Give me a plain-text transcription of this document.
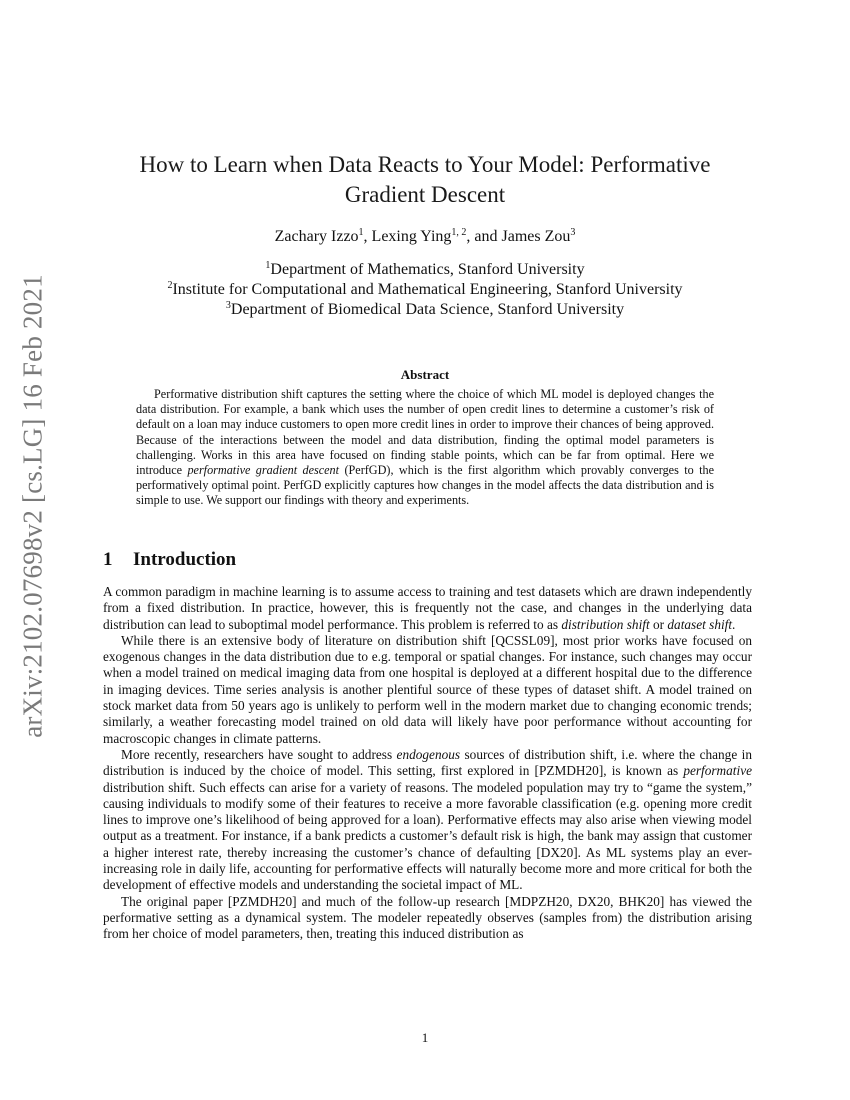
arXiv:2102.07698v2 [cs.LG] 16 Feb 2021
How to Learn when Data Reacts to Your Model: Performative Gradient Descent
Zachary Izzo$^1$, Lexing Ying$^{1, 2}$, and James Zou$^3$
$^1$Department of Mathematics, Stanford University
$^2$Institute for Computational and Mathematical Engineering, Stanford University
$^3$Department of Biomedical Data Science, Stanford University
Abstract
Performative distribution shift captures the setting where the choice of which ML model is deployed changes the data distribution. For example, a bank which uses the number of open credit lines to determine a customer’s risk of default on a loan may induce customers to open more credit lines in order to improve their chances of being approved. Because of the interactions between the model and data distribution, finding the optimal model parameters is challenging. Works in this area have focused on finding stable points, which can be far from optimal. Here we introduce performative gradient descent (PerfGD), which is the first algorithm which provably converges to the performatively optimal point. PerfGD explicitly captures how changes in the model affects the data distribution and is simple to use. We support our findings with theory and experiments.
1 Introduction

A common paradigm in machine learning is to assume access to training and test datasets which are drawn independently from a fixed distribution. In practice, however, this is frequently not the case, and changes in the underlying data distribution can lead to suboptimal model performance. This problem is referred to as distribution shift or dataset shift.

While there is an extensive body of literature on distribution shift [QCSSL09], most prior works have focused on exogenous changes in the data distribution due to e.g. temporal or spatial changes. For instance, such changes may occur when a model trained on medical imaging data from one hospital is deployed at a different hospital due to the difference in imaging devices. Time series analysis is another plentiful source of these types of dataset shift. A model trained on stock market data from 50 years ago is unlikely to perform well in the modern market due to changing economic trends; similarly, a weather forecasting model trained on old data will likely have poor performance without accounting for macroscopic changes in climate patterns.

More recently, researchers have sought to address endogenous sources of distribution shift, i.e. where the change in distribution is induced by the choice of model. This setting, first explored in [PZMDH20], is known as performative distribution shift. Such effects can arise for a variety of reasons. The modeled population may try to “game the system,” causing individuals to modify some of their features to receive a more favorable classification (e.g. opening more credit lines to improve one’s likelihood of being approved for a loan). Performative effects may also arise when viewing model output as a treatment. For instance, if a bank predicts a customer’s default risk is high, the bank may assign that customer a higher interest rate, thereby increasing the customer’s chance of defaulting [DX20]. As ML systems play an ever-increasing role in daily life, accounting for performative effects will naturally become more and more critical for both the development of effective models and understanding the societal impact of ML.

The original paper [PZMDH20] and much of the follow-up research [MDPZH20, DX20, BHK20] has viewed the performative setting as a dynamical system. The modeler repeatedly observes (samples from) the distribution arising from her choice of model parameters, then, treating this induced distribution as

1
